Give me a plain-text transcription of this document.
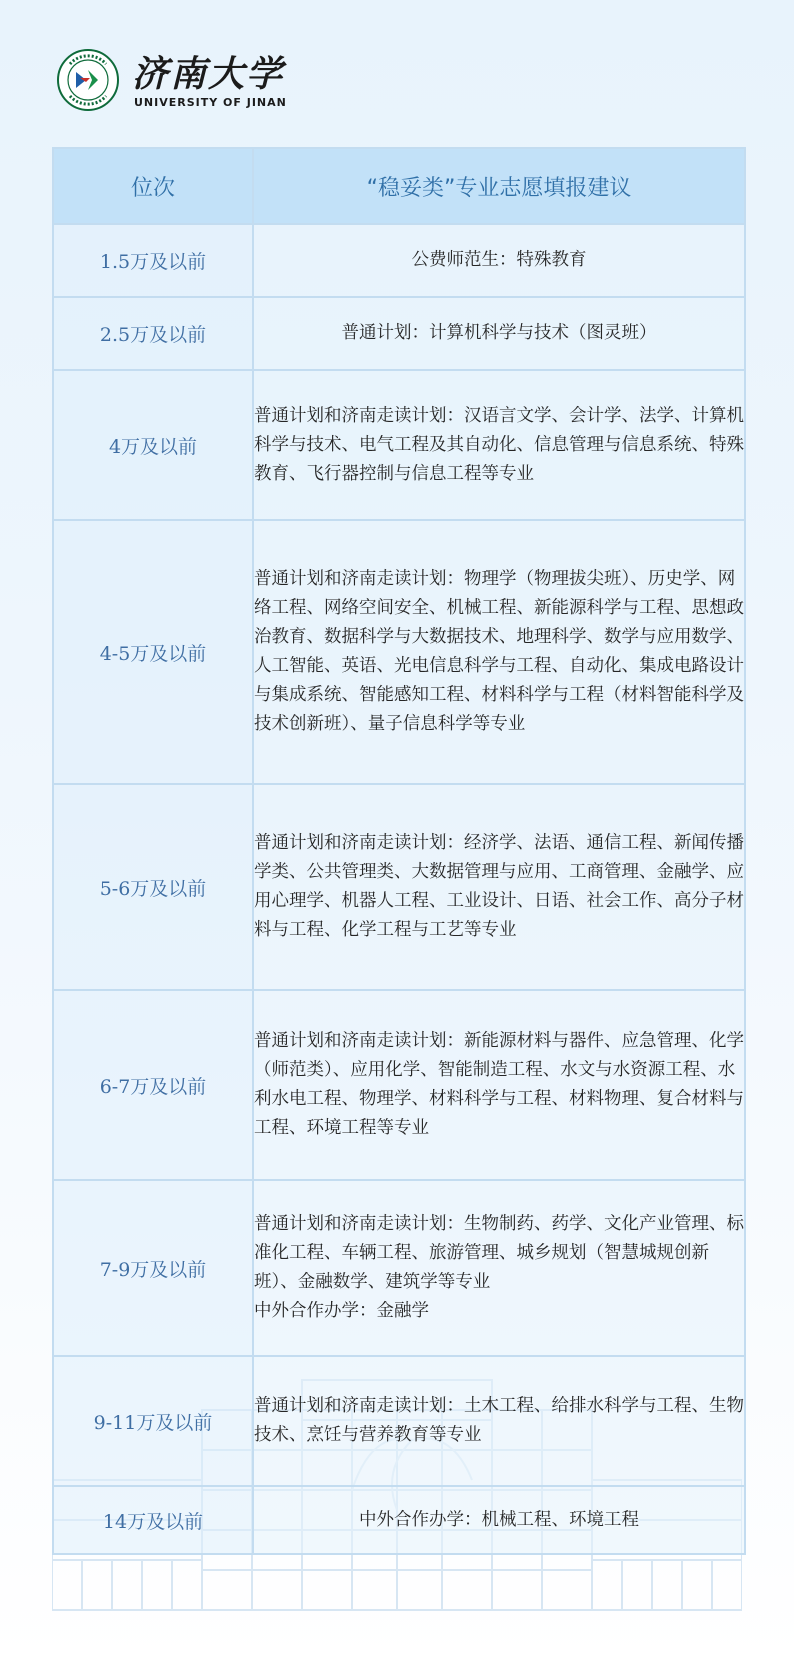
济南大学
UNIVERSITY OF JINAN
位次	“稳妥类”专业志愿填报建议
1.5万及以前	公费师范生：特殊教育
2.5万及以前	普通计划：计算机科学与技术（图灵班）
4万及以前	普通计划和济南走读计划：汉语言文学、会计学、法学、计算机科学与技术、电气工程及其自动化、信息管理与信息系统、特殊教育、飞行器控制与信息工程等专业
4-5万及以前	普通计划和济南走读计划：物理学（物理拔尖班）、历史学、网络工程、网络空间安全、机械工程、新能源科学与工程、思想政治教育、数据科学与大数据技术、地理科学、数学与应用数学、人工智能、英语、光电信息科学与工程、自动化、集成电路设计与集成系统、智能感知工程、材料科学与工程（材料智能科学及技术创新班）、量子信息科学等专业
5-6万及以前	普通计划和济南走读计划：经济学、法语、通信工程、新闻传播学类、公共管理类、大数据管理与应用、工商管理、金融学、应用心理学、机器人工程、工业设计、日语、社会工作、高分子材料与工程、化学工程与工艺等专业
6-7万及以前	普通计划和济南走读计划：新能源材料与器件、应急管理、化学（师范类）、应用化学、智能制造工程、水文与水资源工程、水利水电工程、物理学、材料科学与工程、材料物理、复合材料与工程、环境工程等专业
7-9万及以前	普通计划和济南走读计划：生物制药、药学、文化产业管理、标准化工程、车辆工程、旅游管理、城乡规划（智慧城规创新班）、金融数学、建筑学等专业
中外合作办学：金融学

9-11万及以前	普通计划和济南走读计划：土木工程、给排水科学与工程、生物技术、烹饪与营养教育等专业
14万及以前	中外合作办学：机械工程、环境工程
